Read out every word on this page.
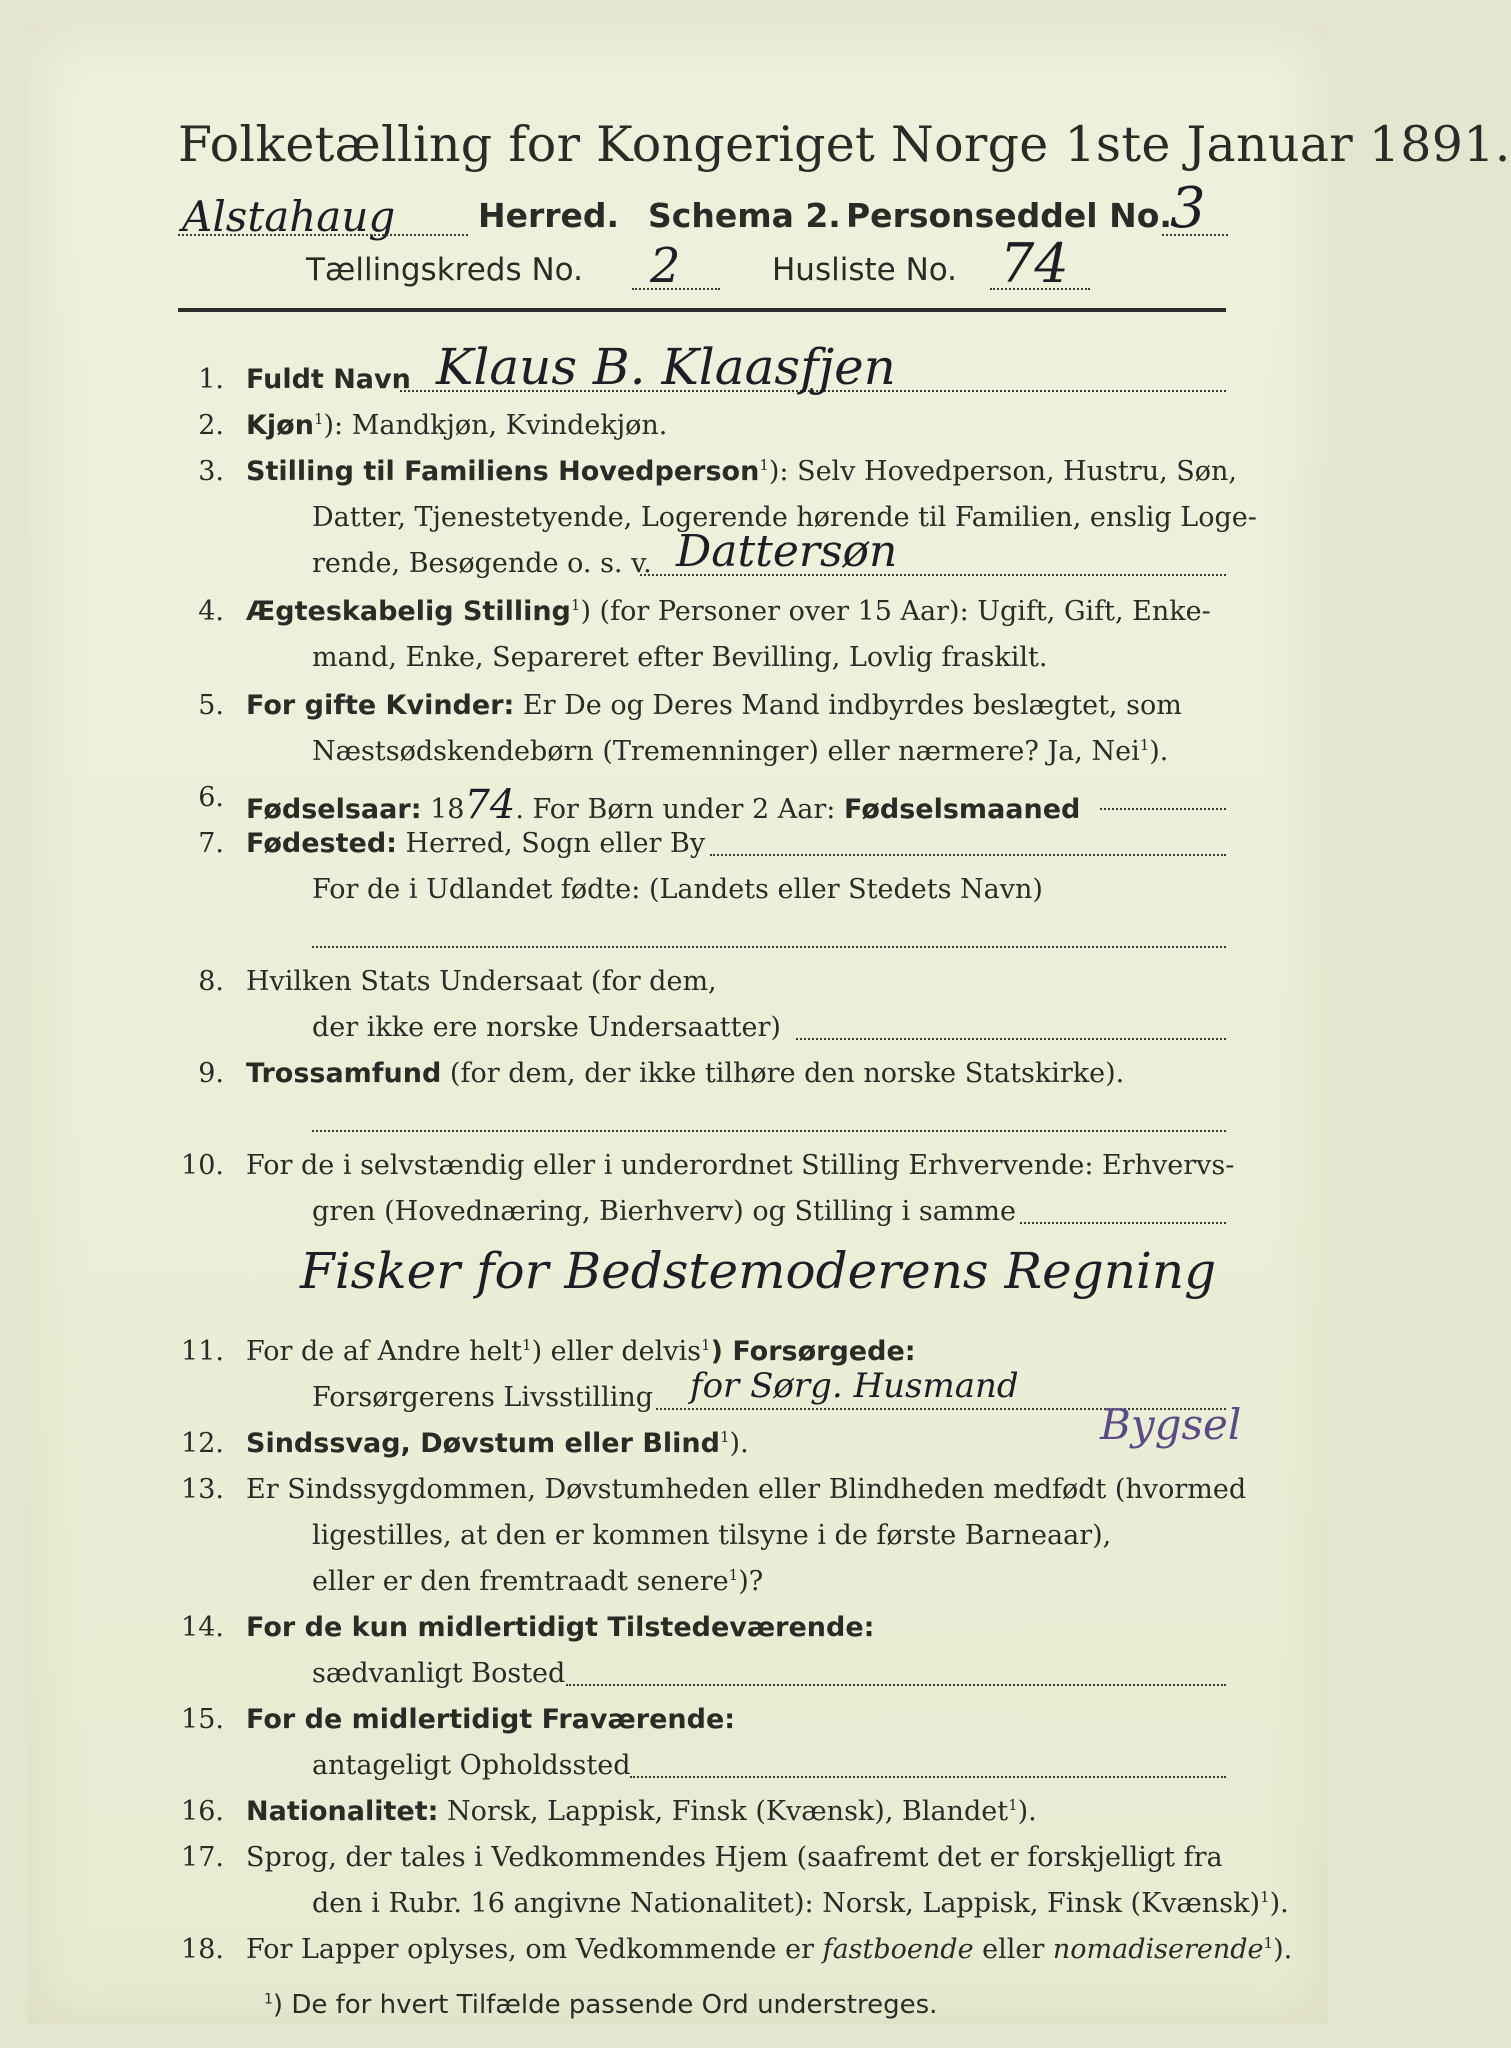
Folketælling for Kongeriget Norge 1ste Januar 1891.
Alstahaug	Herred. Schema 2. Personseddel No.
3
Tællingskreds No. 2	Husliste No. 74
1. Fuldt Navn Klaus B. Klaasfjen
2. Kjøn$^1$): Mandkjøn, Kvindekjøn.
3. Stilling til Familiens Hovedperson$^1$): Selv Hovedperson, Hustru, Søn,
Datter, Tjenestetyende, Logerende hørende til Familien, enslig Loge-
rende, Besøgende o. s. v. Dattersøn
4. Ægteskabelig Stilling$^1$) (for Personer over 15 Aar): Ugift, Gift, Enke-
mand, Enke, Separeret efter Bevilling, Lovlig fraskilt.
5. For gifte Kvinder: Er De og Deres Mand indbyrdes beslægtet, som
Næstsødskendebørn (Tremenninger) eller nærmere? Ja, Nei$^1$).
6. Fødselsaar: 1874. For Børn under 2 Aar: Fødselsmaaned
7. Fødested: Herred, Sogn eller By
For de i Udlandet fødte: (Landets eller Stedets Navn)
8. Hvilken Stats Undersaat (for dem,
der ikke ere norske Undersaatter)
9. Trossamfund (for dem, der ikke tilhøre den norske Statskirke).
10. For de i selvstændig eller i underordnet Stilling Erhvervende: Erhvervs-
gren (Hovednæring, Bierhverv) og Stilling i samme
Fisker for Bedstemoderens Regning
11. For de af Andre helt$^1$) eller delvis$^1$) Forsørgede:
Forsørgerens Livsstilling for Sørg. Husmand
Bygsel
12. Sindssvag, Døvstum eller Blind$^1$).
13. Er Sindssygdommen, Døvstumheden eller Blindheden medfødt (hvormed
ligestilles, at den er kommen tilsyne i de første Barneaar),
eller er den fremtraadt senere$^1$)?
14. For de kun midlertidigt Tilstedeværende:
sædvanligt Bosted
15. For de midlertidigt Fraværende:
antageligt Opholdssted
16. Nationalitet: Norsk, Lappisk, Finsk (Kvænsk), Blandet$^1$).
17. Sprog, der tales i Vedkommendes Hjem (saafremt det er forskjelligt fra
den i Rubr. 16 angivne Nationalitet): Norsk, Lappisk, Finsk (Kvænsk)$^1$).
18. For Lapper oplyses, om Vedkommende er fastboende eller nomadiserende$^1$).
$^1$) De for hvert Tilfælde passende Ord understreges.
